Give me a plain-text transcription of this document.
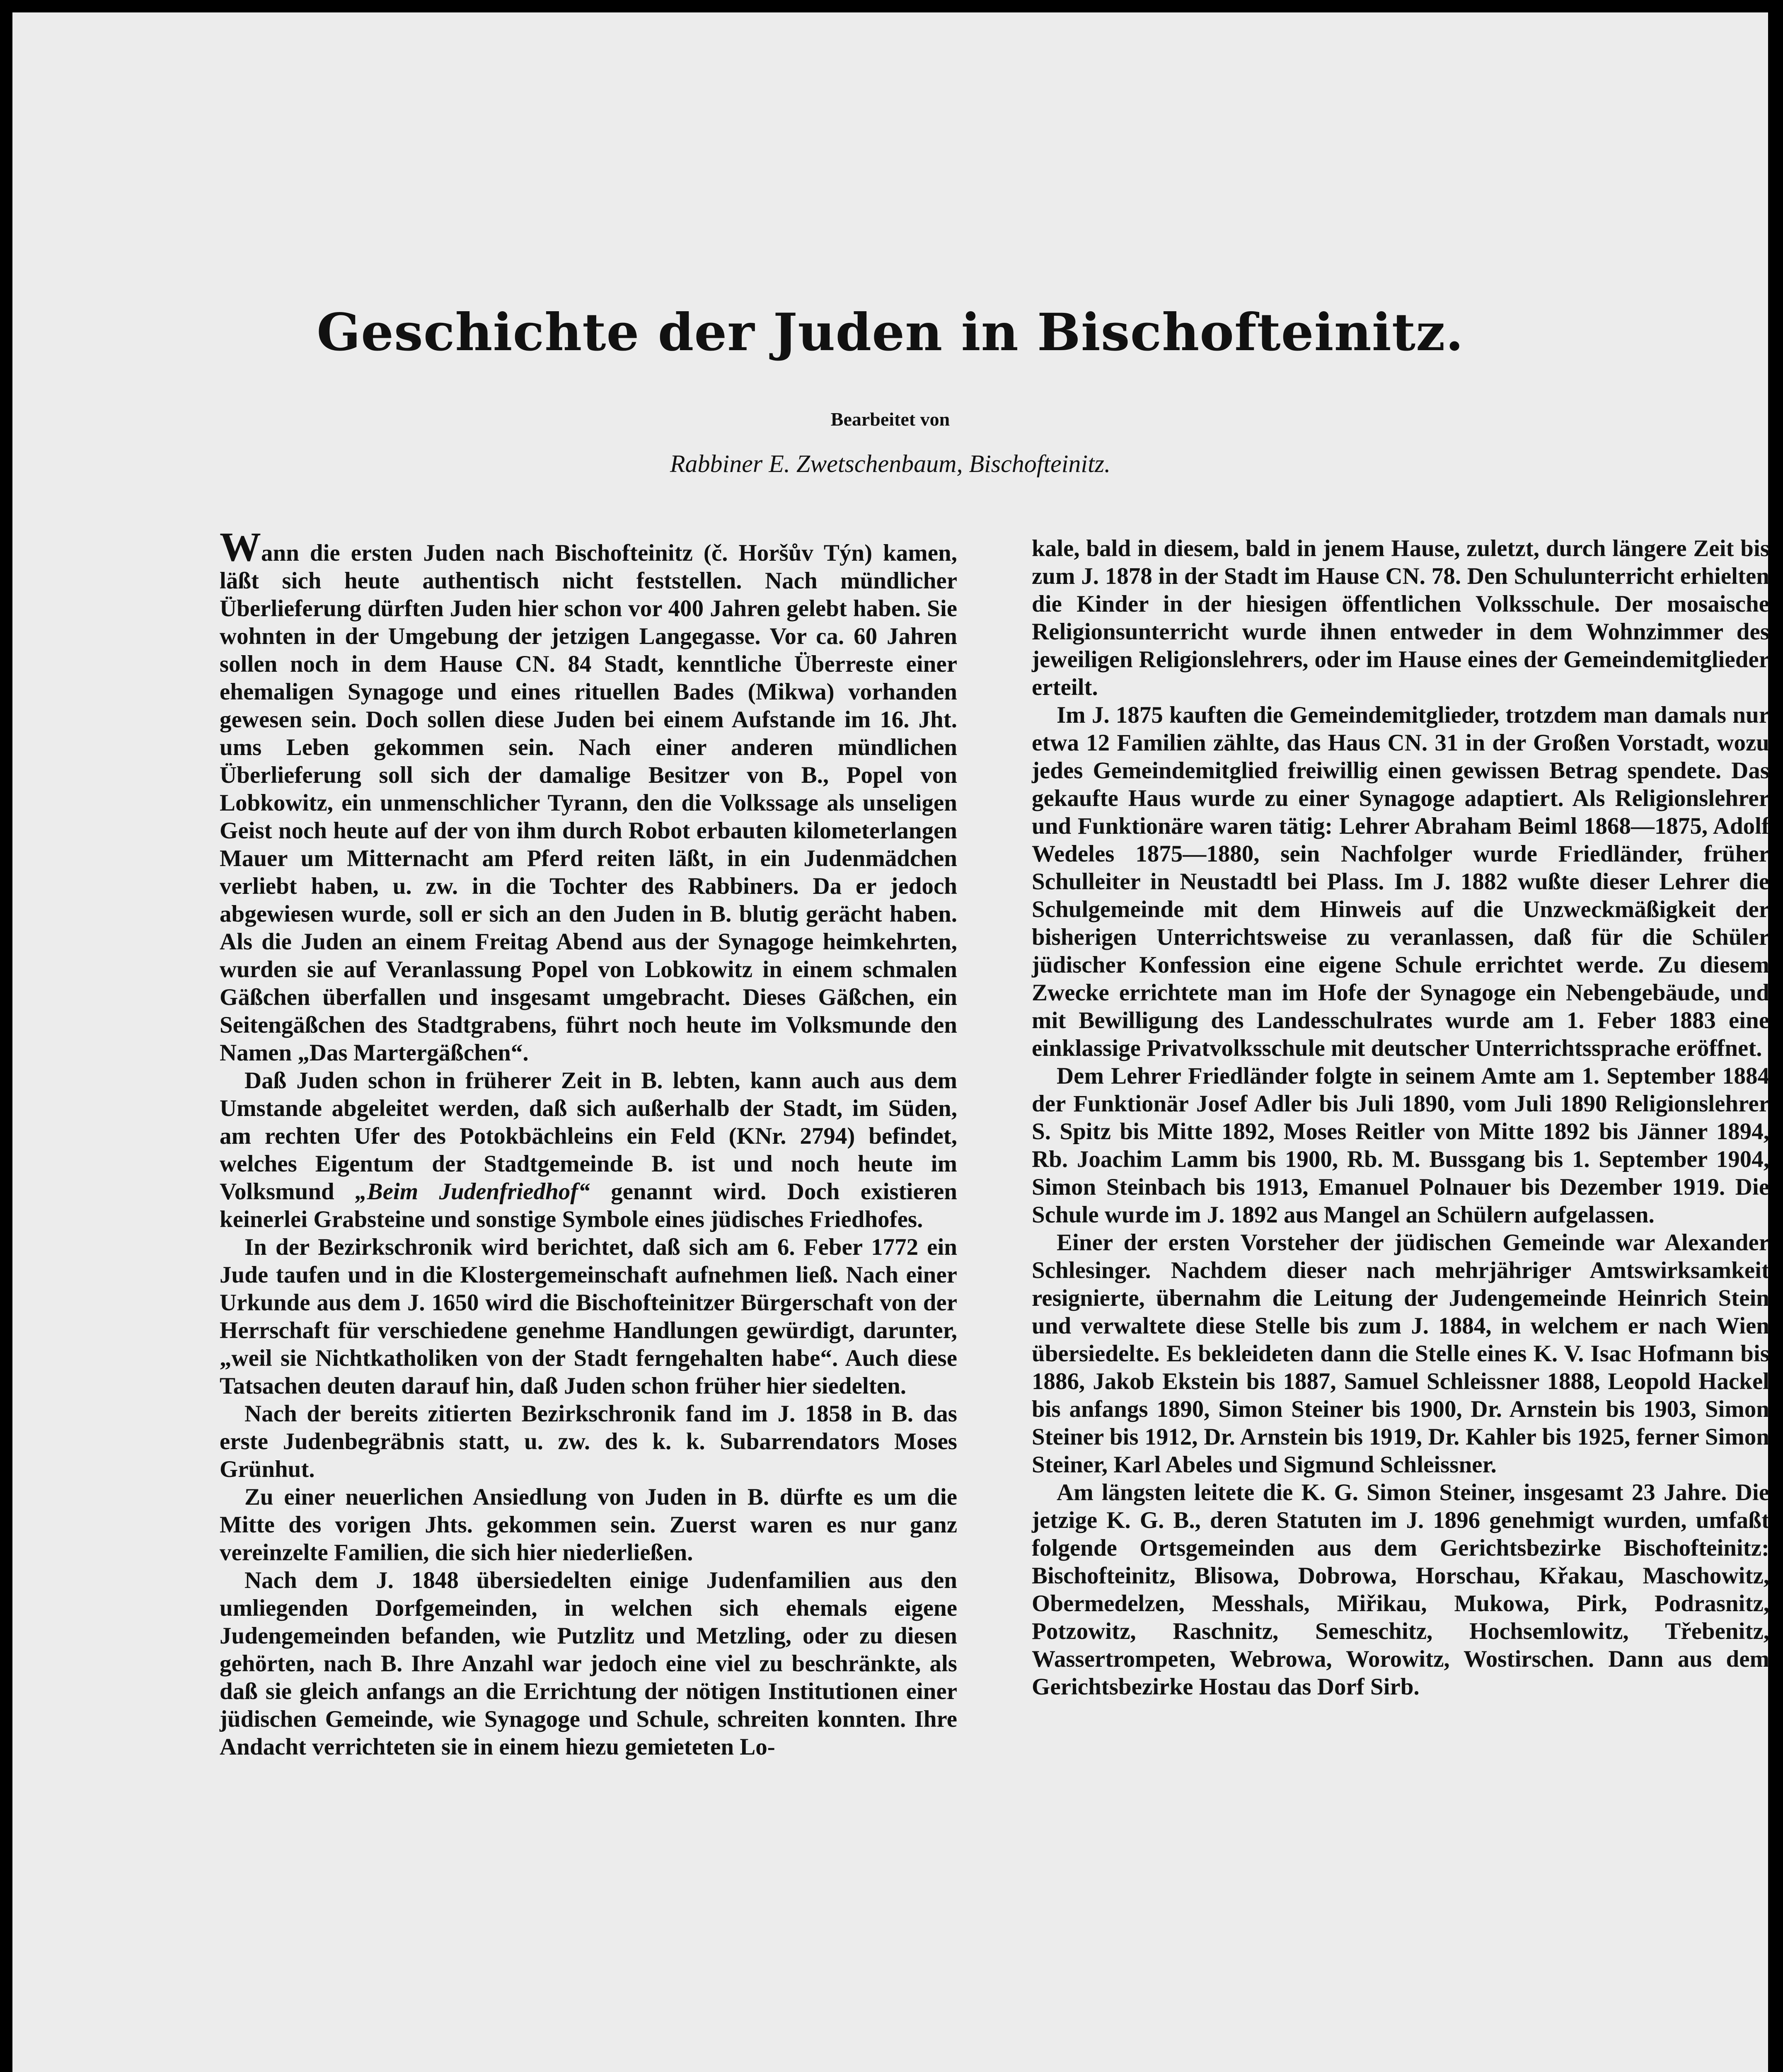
Geschichte der Juden in Bischofteinitz.
Bearbeitet von
Rabbiner E. Zwetschenbaum, Bischofteinitz.

Wann die ersten Juden nach Bischofteinitz (č. Horšův Týn) kamen, läßt sich heute authentisch nicht feststellen. Nach mündlicher Überlieferung dürften Juden hier schon vor 400 Jahren gelebt haben. Sie wohnten in der Umgebung der jetzigen Langegasse. Vor ca. 60 Jahren sollen noch in dem Hause CN. 84 Stadt, kenntliche Überreste einer ehemaligen Synagoge und eines rituellen Bades (Mikwa) vorhanden gewesen sein. Doch sollen diese Juden bei einem Aufstande im 16. Jht. ums Leben gekommen sein. Nach einer anderen mündlichen Überlieferung soll sich der damalige Besitzer von B., Popel von Lobkowitz, ein unmenschlicher Tyrann, den die Volkssage als unseligen Geist noch heute auf der von ihm durch Robot erbauten kilometerlangen Mauer um Mitternacht am Pferd reiten läßt, in ein Judenmädchen verliebt haben, u. zw. in die Tochter des Rabbiners. Da er jedoch abgewiesen wurde, soll er sich an den Juden in B. blutig gerächt haben. Als die Juden an einem Freitag Abend aus der Synagoge heimkehrten, wurden sie auf Veranlassung Popel von Lobkowitz in einem schmalen Gäßchen überfallen und insgesamt umgebracht. Dieses Gäßchen, ein Seitengäßchen des Stadtgrabens, führt noch heute im Volksmunde den Namen „Das Martergäßchen“.

Daß Juden schon in früherer Zeit in B. lebten, kann auch aus dem Umstande abgeleitet werden, daß sich außerhalb der Stadt, im Süden, am rechten Ufer des Potokbächleins ein Feld (KNr. 2794) befindet, welches Eigentum der Stadtgemeinde B. ist und noch heute im Volksmund „Beim Judenfriedhof“ genannt wird. Doch existieren keinerlei Grabsteine und sonstige Symbole eines jüdisches Friedhofes.

In der Bezirkschronik wird berichtet, daß sich am 6. Feber 1772 ein Jude taufen und in die Klostergemeinschaft aufnehmen ließ. Nach einer Urkunde aus dem J. 1650 wird die Bischofteinitzer Bürgerschaft von der Herrschaft für verschiedene genehme Handlungen gewürdigt, darunter, „weil sie Nichtkatholiken von der Stadt ferngehalten habe“. Auch diese Tatsachen deuten darauf hin, daß Juden schon früher hier siedelten.

Nach der bereits zitierten Bezirkschronik fand im J. 1858 in B. das erste Judenbegräbnis statt, u. zw. des k. k. Subarrendators Moses Grünhut.

Zu einer neuerlichen Ansiedlung von Juden in B. dürfte es um die Mitte des vorigen Jhts. gekommen sein. Zuerst waren es nur ganz vereinzelte Familien, die sich hier niederließen.

Nach dem J. 1848 übersiedelten einige Judenfamilien aus den umliegenden Dorfgemeinden, in welchen sich ehemals eigene Judengemeinden befanden, wie Putzlitz und Metzling, oder zu diesen gehörten, nach B. Ihre Anzahl war jedoch eine viel zu beschränkte, als daß sie gleich anfangs an die Errichtung der nötigen Institutionen einer jüdischen Gemeinde, wie Synagoge und Schule, schreiten konnten. Ihre Andacht verrichteten sie in einem hiezu gemieteten Lo-

kale, bald in diesem, bald in jenem Hause, zuletzt, durch längere Zeit bis zum J. 1878 in der Stadt im Hause CN. 78. Den Schulunterricht erhielten die Kinder in der hiesigen öffentlichen Volksschule. Der mosaische Religionsunterricht wurde ihnen entweder in dem Wohnzimmer des jeweiligen Religionslehrers, oder im Hause eines der Gemeindemitglieder erteilt.

Im J. 1875 kauften die Gemeindemitglieder, trotzdem man damals nur etwa 12 Familien zählte, das Haus CN. 31 in der Großen Vorstadt, wozu jedes Gemeindemitglied freiwillig einen gewissen Betrag spendete. Das gekaufte Haus wurde zu einer Synagoge adaptiert. Als Religionslehrer und Funktionäre waren tätig: Lehrer Abraham Beiml 1868—1875, Adolf Wedeles 1875—1880, sein Nachfolger wurde Friedländer, früher Schulleiter in Neustadtl bei Plass. Im J. 1882 wußte dieser Lehrer die Schulgemeinde mit dem Hinweis auf die Unzweckmäßigkeit der bisherigen Unterrichtsweise zu veranlassen, daß für die Schüler jüdischer Konfession eine eigene Schule errichtet werde. Zu diesem Zwecke errichtete man im Hofe der Synagoge ein Nebengebäude, und mit Bewilligung des Landesschulrates wurde am 1. Feber 1883 eine einklassige Privatvolksschule mit deutscher Unterrichtssprache eröffnet.

Dem Lehrer Friedländer folgte in seinem Amte am 1. September 1884 der Funktionär Josef Adler bis Juli 1890, vom Juli 1890 Religionslehrer S. Spitz bis Mitte 1892, Moses Reitler von Mitte 1892 bis Jänner 1894, Rb. Joachim Lamm bis 1900, Rb. M. Bussgang bis 1. September 1904, Simon Steinbach bis 1913, Emanuel Polnauer bis Dezember 1919. Die Schule wurde im J. 1892 aus Mangel an Schülern aufgelassen.

Einer der ersten Vorsteher der jüdischen Gemeinde war Alexander Schlesinger. Nachdem dieser nach mehrjähriger Amtswirksamkeit resignierte, übernahm die Leitung der Judengemeinde Heinrich Stein und verwaltete diese Stelle bis zum J. 1884, in welchem er nach Wien übersiedelte. Es bekleideten dann die Stelle eines K. V. Isac Hofmann bis 1886, Jakob Ekstein bis 1887, Samuel Schleissner 1888, Leopold Hackel bis anfangs 1890, Simon Steiner bis 1900, Dr. Arnstein bis 1903, Simon Steiner bis 1912, Dr. Arnstein bis 1919, Dr. Kahler bis 1925, ferner Simon Steiner, Karl Abeles und Sigmund Schleissner.

Am längsten leitete die K. G. Simon Steiner, insgesamt 23 Jahre. Die jetzige K. G. B., deren Statuten im J. 1896 genehmigt wurden, umfaßt folgende Ortsgemeinden aus dem Gerichtsbezirke Bischofteinitz: Bischofteinitz, Blisowa, Dobrowa, Horschau, Křakau, Maschowitz, Obermedelzen, Messhals, Miřikau, Mukowa, Pirk, Podrasnitz, Potzowitz, Raschnitz, Semeschitz, Hochsemlowitz, Třebenitz, Wassertrompeten, Webrowa, Worowitz, Wostirschen. Dann aus dem Gerichtsbezirke Hostau das Dorf Sirb.
